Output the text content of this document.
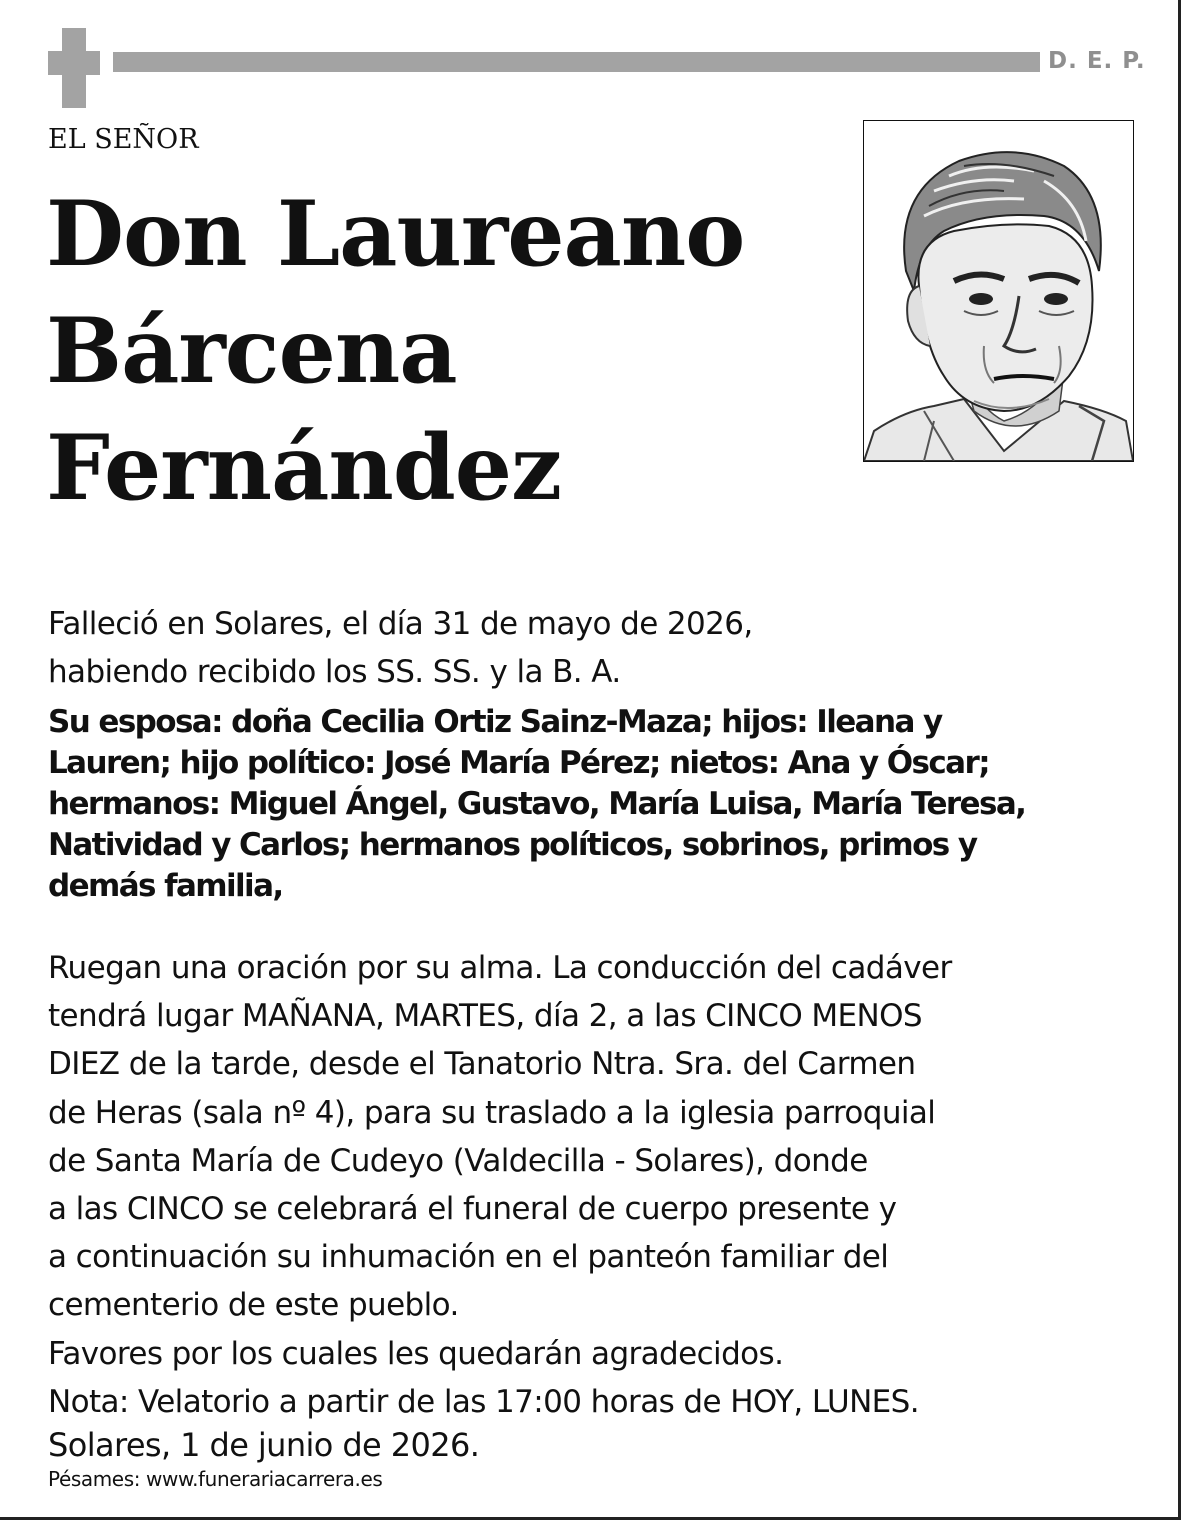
D. E. P.
EL SEÑOR
Don Laureano
Bárcena
Fernández
Falleció en Solares, el día 31 de mayo de 2026,
habiendo recibido los SS. SS. y la B. A.
Su esposa: doña Cecilia Ortiz Sainz-Maza; hijos: Ileana y
Lauren; hijo político: José María Pérez; nietos: Ana y Óscar;
hermanos: Miguel Ángel, Gustavo, María Luisa, María Teresa,
Natividad y Carlos; hermanos políticos, sobrinos, primos y
demás familia,
Ruegan una oración por su alma. La conducción del cadáver
tendrá lugar MAÑANA, MARTES, día 2, a las CINCO MENOS
DIEZ de la tarde, desde el Tanatorio Ntra. Sra. del Carmen
de Heras (sala nº 4), para su traslado a la iglesia parroquial
de Santa María de Cudeyo (Valdecilla - Solares), donde
a las CINCO se celebrará el funeral de cuerpo presente y
a continuación su inhumación en el panteón familiar del
cementerio de este pueblo.
Favores por los cuales les quedarán agradecidos.
Nota: Velatorio a partir de las 17:00 horas de HOY, LUNES.
Solares, 1 de junio de 2026.
Pésames: www.funerariacarrera.es
